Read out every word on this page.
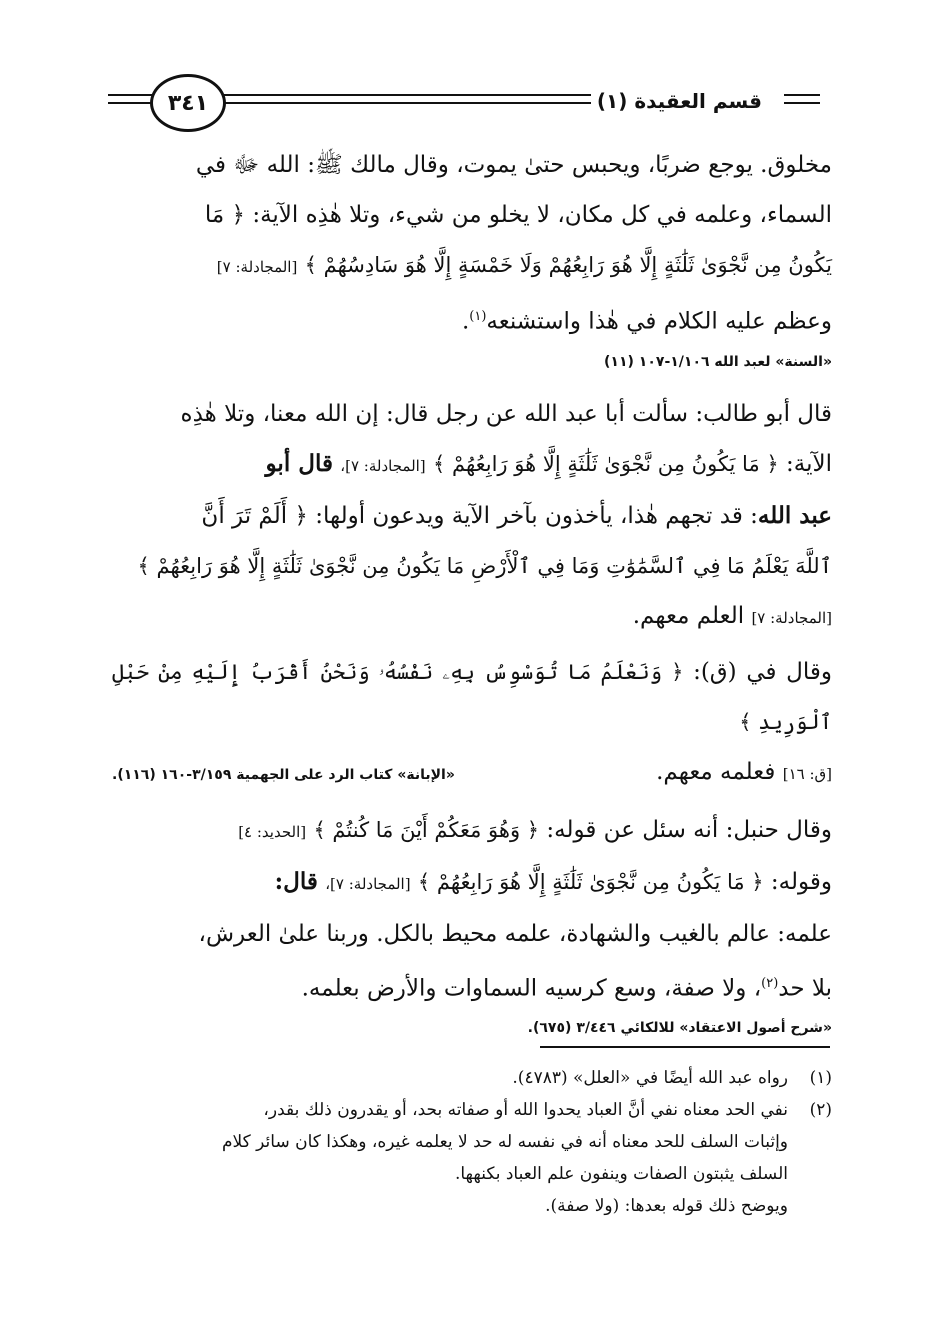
٣٤١	قسم العقيدة (١)

مخلوق. يوجع ضربًا، ويحبس حتىٰ يموت، وقال مالك ﷺ: الله ﷻ في

السماء، وعلمه في كل مكان، لا يخلو من شيء، وتلا هٰذِه الآية: ﴿ مَا

يَكُونُ مِن نَّجْوَىٰ ثَلَٰثَةٍ إِلَّا هُوَ رَابِعُهُمْ وَلَا خَمْسَةٍ إِلَّا هُوَ سَادِسُهُمْ ﴾ [المجادلة: ٧]

وعظم عليه الكلام في هٰذا واستشنعه$^{(١)}$.

«السنة» لعبد الله ١/١٠٦-١٠٧ (١١)

قال أبو طالب: سألت أبا عبد الله عن رجل قال: إن الله معنا، وتلا هٰذِه

الآية: ﴿ مَا يَكُونُ مِن نَّجْوَىٰ ثَلَٰثَةٍ إِلَّا هُوَ رَابِعُهُمْ ﴾ [المجادلة: ٧]، قال أبو

عبد الله: قد تجهم هٰذا، يأخذون بآخر الآية ويدعون أولها: ﴿ أَلَمْ تَرَ أَنَّ

ٱللَّهَ يَعْلَمُ مَا فِي ٱلسَّمَٰوَٰتِ وَمَا فِي ٱلْأَرْضِ مَا يَكُونُ مِن نَّجْوَىٰ ثَلَٰثَةٍ إِلَّا هُوَ رَابِعُهُمْ ﴾

[المجادلة: ٧] العلم معهم.

وقال في (ق): ﴿ وَنَعْلَمُ مَا تُوَسْوِسُ بِهِۦ نَفْسُهُۥ وَنَحْنُ أَقْرَبُ إِلَيْهِ مِنْ حَبْلِ ٱلْوَرِيدِ ﴾

[ق: ١٦] فعلمه معهم.
«الإبانة» كتاب الرد على الجهمية ٣/١٥٩-١٦٠ (١١٦).

وقال حنبل: أنه سئل عن قوله: ﴿ وَهُوَ مَعَكُمْ أَيْنَ مَا كُنتُمْ ﴾ [الحديد: ٤]

وقوله: ﴿ مَا يَكُونُ مِن نَّجْوَىٰ ثَلَٰثَةٍ إِلَّا هُوَ رَابِعُهُمْ ﴾ [المجادلة: ٧]، قال:

علمه: عالم بالغيب والشهادة، علمه محيط بالكل. وربنا علىٰ العرش،

بلا حد$^{(٢)}$، ولا صفة، وسع كرسيه السماوات والأرض بعلمه.

«شرح أصول الاعتقاد» للالكائي ٣/٤٤٦ (٦٧٥).
(١)
رواه عبد الله أيضًا في «العلل» (٤٧٨٣).
(٢)
نفي الحد معناه نفي أنَّ العباد يحدوا الله أو صفاته بحد، أو يقدرون ذلك بقدر،
وإثبات السلف للحد معناه أنه في نفسه له حد لا يعلمه غيره، وهكذا كان سائر كلام
السلف يثبتون الصفات وينفون علم العباد بكنهها.
ويوضح ذلك قوله بعدها: (ولا صفة).
